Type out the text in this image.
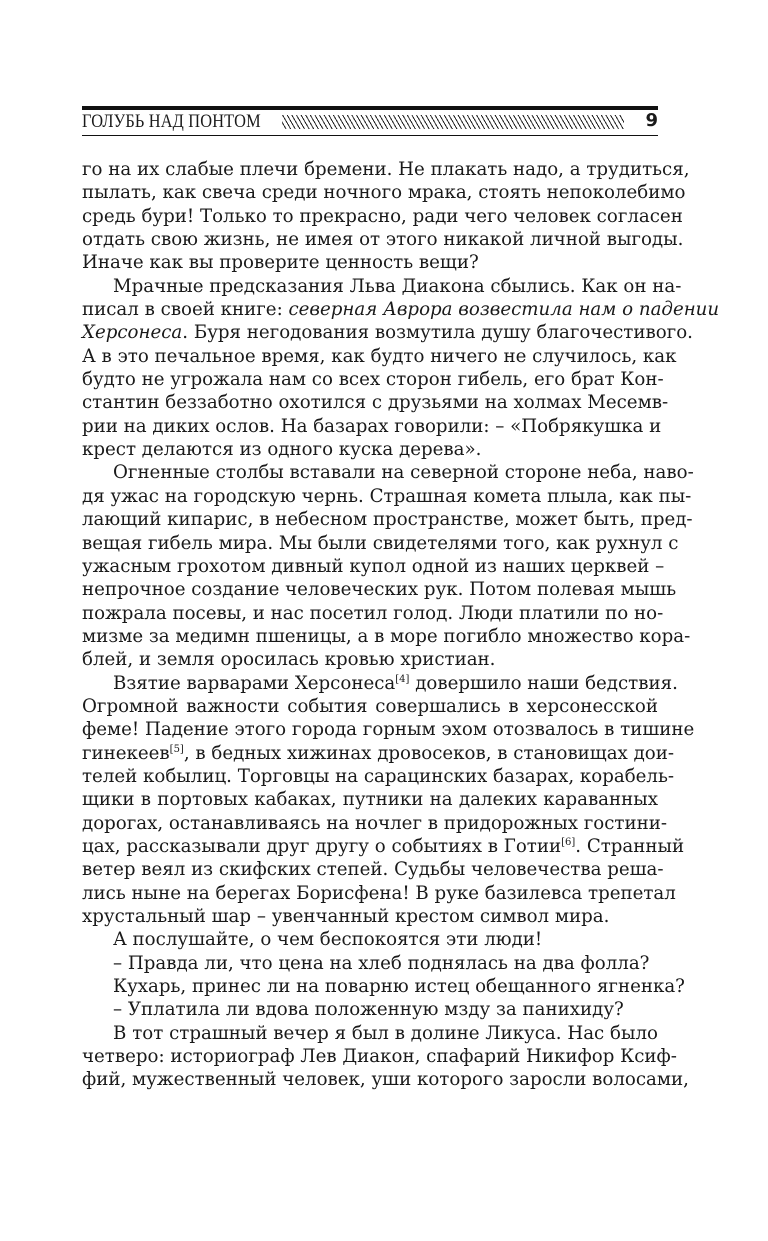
ГОЛУБЬ НАД ПОНТОМ	9
го на их слабые плечи бремени. Не плакать надо, а трудиться,
пылать, как свеча среди ночного мрака, стоять непоколебимо
средь бури! Только то прекрасно, ради чего человек согласен
отдать свою жизнь, не имея от этого никакой личной выгоды.
Иначе как вы проверите ценность вещи?
Мрачные предсказания Льва Диакона сбылись. Как он на-
писал в своей книге: северная Аврора возвестила нам о падении
Херсонеса. Буря негодования возмутила душу благочестивого.
А в это печальное время, как будто ничего не случилось, как
будто не угрожала нам со всех сторон гибель, его брат Кон-
стантин беззаботно охотился с друзьями на холмах Месемв-
рии на диких ослов. На базарах говорили: – «Побрякушка и
крест делаются из одного куска дерева».
Огненные столбы вставали на северной стороне неба, наво-
дя ужас на городскую чернь. Страшная комета плыла, как пы-
лающий кипарис, в небесном пространстве, может быть, пред-
вещая гибель мира. Мы были свидетелями того, как рухнул с
ужасным грохотом дивный купол одной из наших церквей –
непрочное создание человеческих рук. Потом полевая мышь
пожрала посевы, и нас посетил голод. Люди платили по но-
мизме за медимн пшеницы, а в море погибло множество кора-
блей, и земля оросилась кровью христиан.
Взятие варварами Херсонеса[4] довершило наши бедствия.
Огромной важности события совершались в херсонесской
феме! Падение этого города горным эхом отозвалось в тишине
гинекеев[5], в бедных хижинах дровосеков, в становищах дои-
телей кобылиц. Торговцы на сарацинских базарах, корабель-
щики в портовых кабаках, путники на далеких караванных
дорогах, останавливаясь на ночлег в придорожных гостини-
цах, рассказывали друг другу о событиях в Готии[6]. Странный
ветер веял из скифских степей. Судьбы человечества реша-
лись ныне на берегах Борисфена! В руке базилевса трепетал
хрустальный шар – увенчанный крестом символ мира.
А послушайте, о чем беспокоятся эти люди!
– Правда ли, что цена на хлеб поднялась на два фолла?
Кухарь, принес ли на поварню истец обещанного ягненка?
– Уплатила ли вдова положенную мзду за панихиду?
В тот страшный вечер я был в долине Ликуса. Нас было
четверо: историограф Лев Диакон, спафарий Никифор Ксиф-
фий, мужественный человек, уши которого заросли волосами,
